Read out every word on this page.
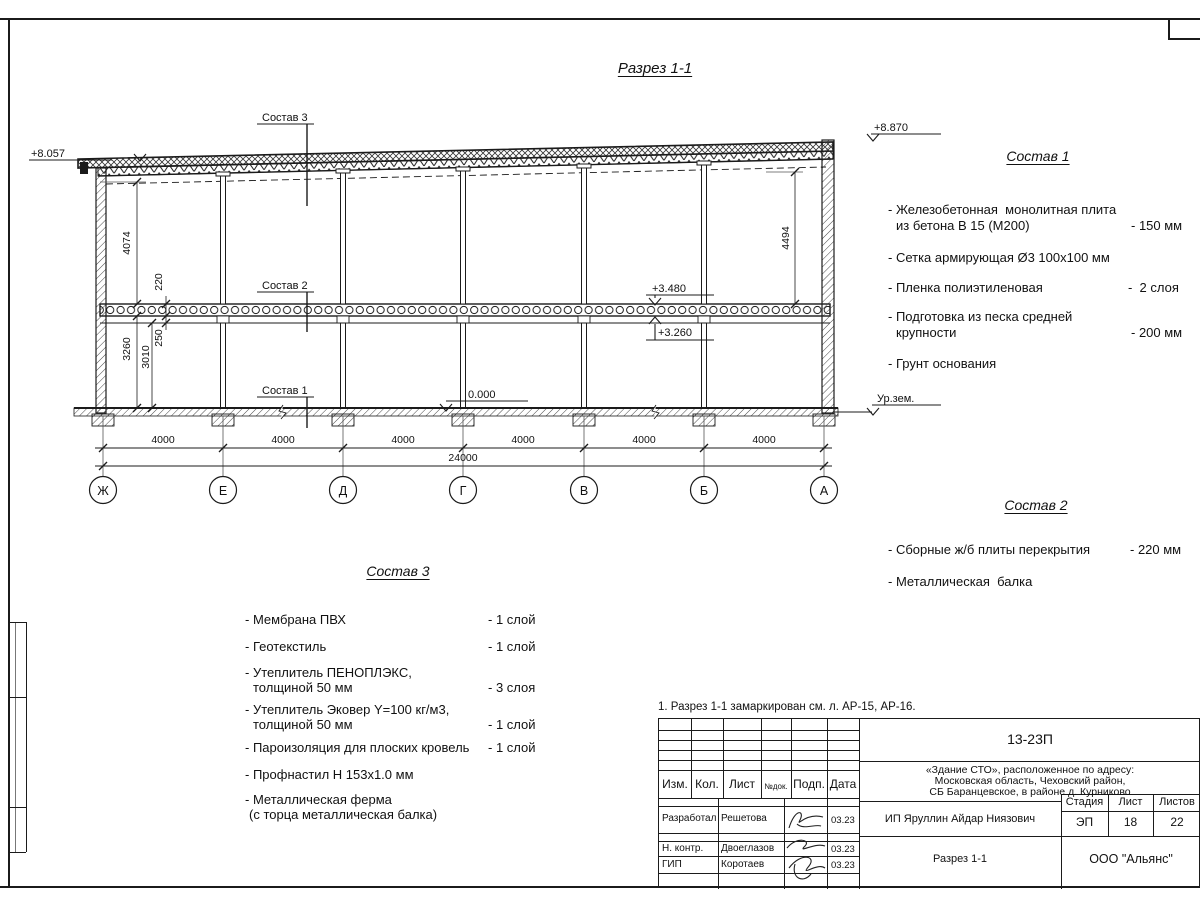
Разрез 1-1
4000	4000	4000	4000	4000	4000
24000
Ж	Е	Д	Г	В	Б	А
4074
220
250
3260 3010
4494
+8.057
+8.870
+3.480
+3.260
0.000	Ур.зем.
Состав 3
Состав 2
Состав 1
Состав 1
- Железобетонная  монолитная плита
из бетона В 15 (М200)	- 150 мм
- Сетка армирующая Ø3 100х100 мм
- Пленка полиэтиленовая	-  2 слоя
- Подготовка из песка средней
крупности	- 200 мм
- Грунт основания
Состав 2
- Сборные ж/б плиты перекрытия	- 220 мм
- Металлическая  балка
Состав 3
- Мембрана ПВХ	- 1 слой
- Геотекстиль	- 1 слой
- Утеплитель ПЕНОПЛЭКС,
толщиной 50 мм	- 3 слоя
- Утеплитель Эковер Y=100 кг/м3,
толщиной 50 мм	- 1 слой
- Пароизоляция для плоских кровель - 1 слой
- Профнастил Н 153х1.0 мм
- Металлическая ферма
(с торца металлическая балка)
1. Разрез 1-1 замаркирован см. л. АР-15, АР-16.
Изм. Кол. Лист	№док. Подп. Дата
Разработал Решетова	03.23
Н. контр. Двоеглазов	03.23
ГИП	Коротаев	03.23
13-23П
«Здание СТО», расположенное по адресу:
Московская область, Чеховский район,
СБ Баранцевское, в районе д. Курниково
ИП Яруллин Айдар Ниязович
Стадия	Лист	Листов
ЭП	18	22
Разрез 1-1	ООО "Альянс"
